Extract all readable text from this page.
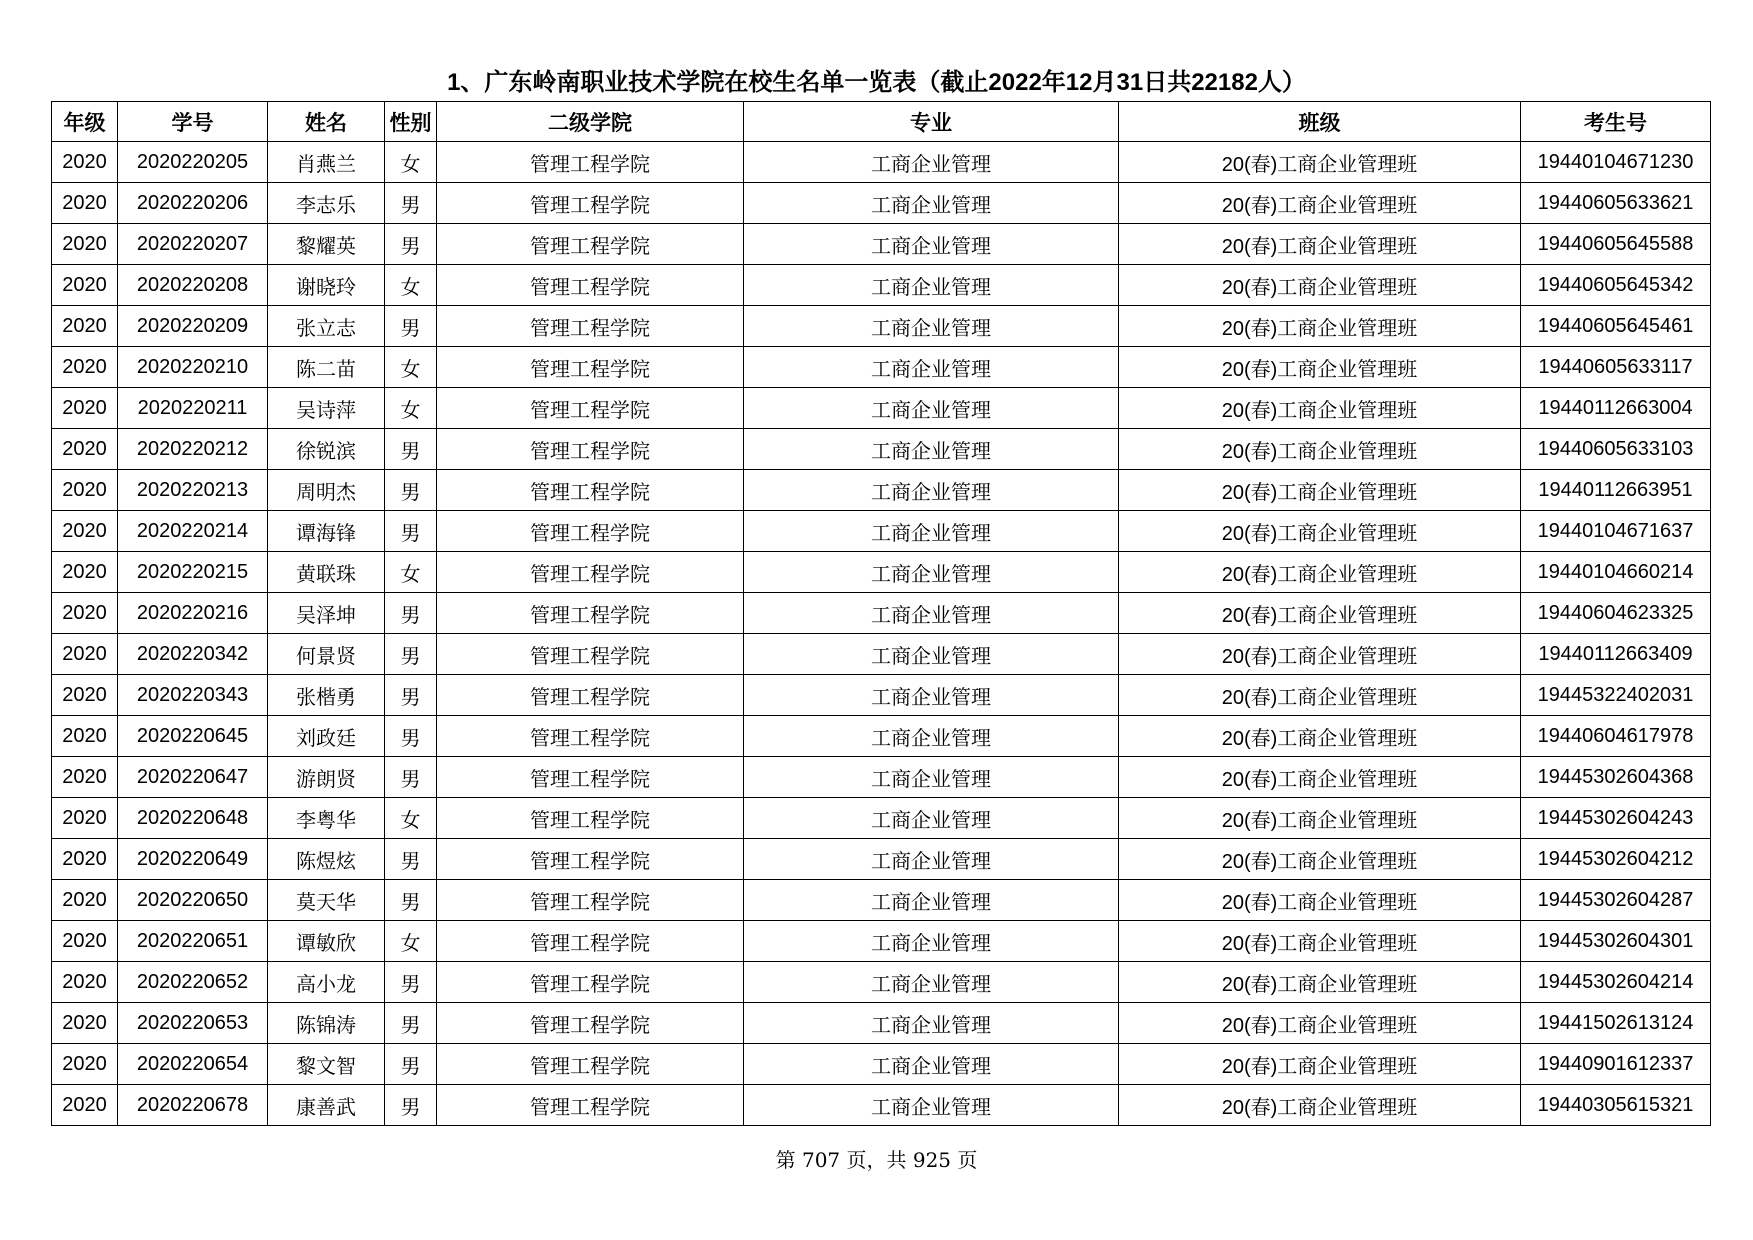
1、广东岭南职业技术学院在校生名单一览表（截止2022年12月31日共22182人）
年级	学号	姓名	性别	二级学院	专业	班级	考生号
2020	2020220205	肖燕兰	女	管理工程学院	工商企业管理	20(春)工商企业管理班	19440104671230
2020	2020220206	李志乐	男	管理工程学院	工商企业管理	20(春)工商企业管理班	19440605633621
2020	2020220207	黎耀英	男	管理工程学院	工商企业管理	20(春)工商企业管理班	19440605645588
2020	2020220208	谢晓玲	女	管理工程学院	工商企业管理	20(春)工商企业管理班	19440605645342
2020	2020220209	张立志	男	管理工程学院	工商企业管理	20(春)工商企业管理班	19440605645461
2020	2020220210	陈二苗	女	管理工程学院	工商企业管理	20(春)工商企业管理班	19440605633117
2020	2020220211	吴诗萍	女	管理工程学院	工商企业管理	20(春)工商企业管理班	19440112663004
2020	2020220212	徐锐滨	男	管理工程学院	工商企业管理	20(春)工商企业管理班	19440605633103
2020	2020220213	周明杰	男	管理工程学院	工商企业管理	20(春)工商企业管理班	19440112663951
2020	2020220214	谭海锋	男	管理工程学院	工商企业管理	20(春)工商企业管理班	19440104671637
2020	2020220215	黄联珠	女	管理工程学院	工商企业管理	20(春)工商企业管理班	19440104660214
2020	2020220216	吴泽坤	男	管理工程学院	工商企业管理	20(春)工商企业管理班	19440604623325
2020	2020220342	何景贤	男	管理工程学院	工商企业管理	20(春)工商企业管理班	19440112663409
2020	2020220343	张楷勇	男	管理工程学院	工商企业管理	20(春)工商企业管理班	19445322402031
2020	2020220645	刘政廷	男	管理工程学院	工商企业管理	20(春)工商企业管理班	19440604617978
2020	2020220647	游朗贤	男	管理工程学院	工商企业管理	20(春)工商企业管理班	19445302604368
2020	2020220648	李粤华	女	管理工程学院	工商企业管理	20(春)工商企业管理班	19445302604243
2020	2020220649	陈煜炫	男	管理工程学院	工商企业管理	20(春)工商企业管理班	19445302604212
2020	2020220650	莫天华	男	管理工程学院	工商企业管理	20(春)工商企业管理班	19445302604287
2020	2020220651	谭敏欣	女	管理工程学院	工商企业管理	20(春)工商企业管理班	19445302604301
2020	2020220652	高小龙	男	管理工程学院	工商企业管理	20(春)工商企业管理班	19445302604214
2020	2020220653	陈锦涛	男	管理工程学院	工商企业管理	20(春)工商企业管理班	19441502613124
2020	2020220654	黎文智	男	管理工程学院	工商企业管理	20(春)工商企业管理班	19440901612337
2020	2020220678	康善武	男	管理工程学院	工商企业管理	20(春)工商企业管理班	19440305615321
第 707 页，共 925 页
